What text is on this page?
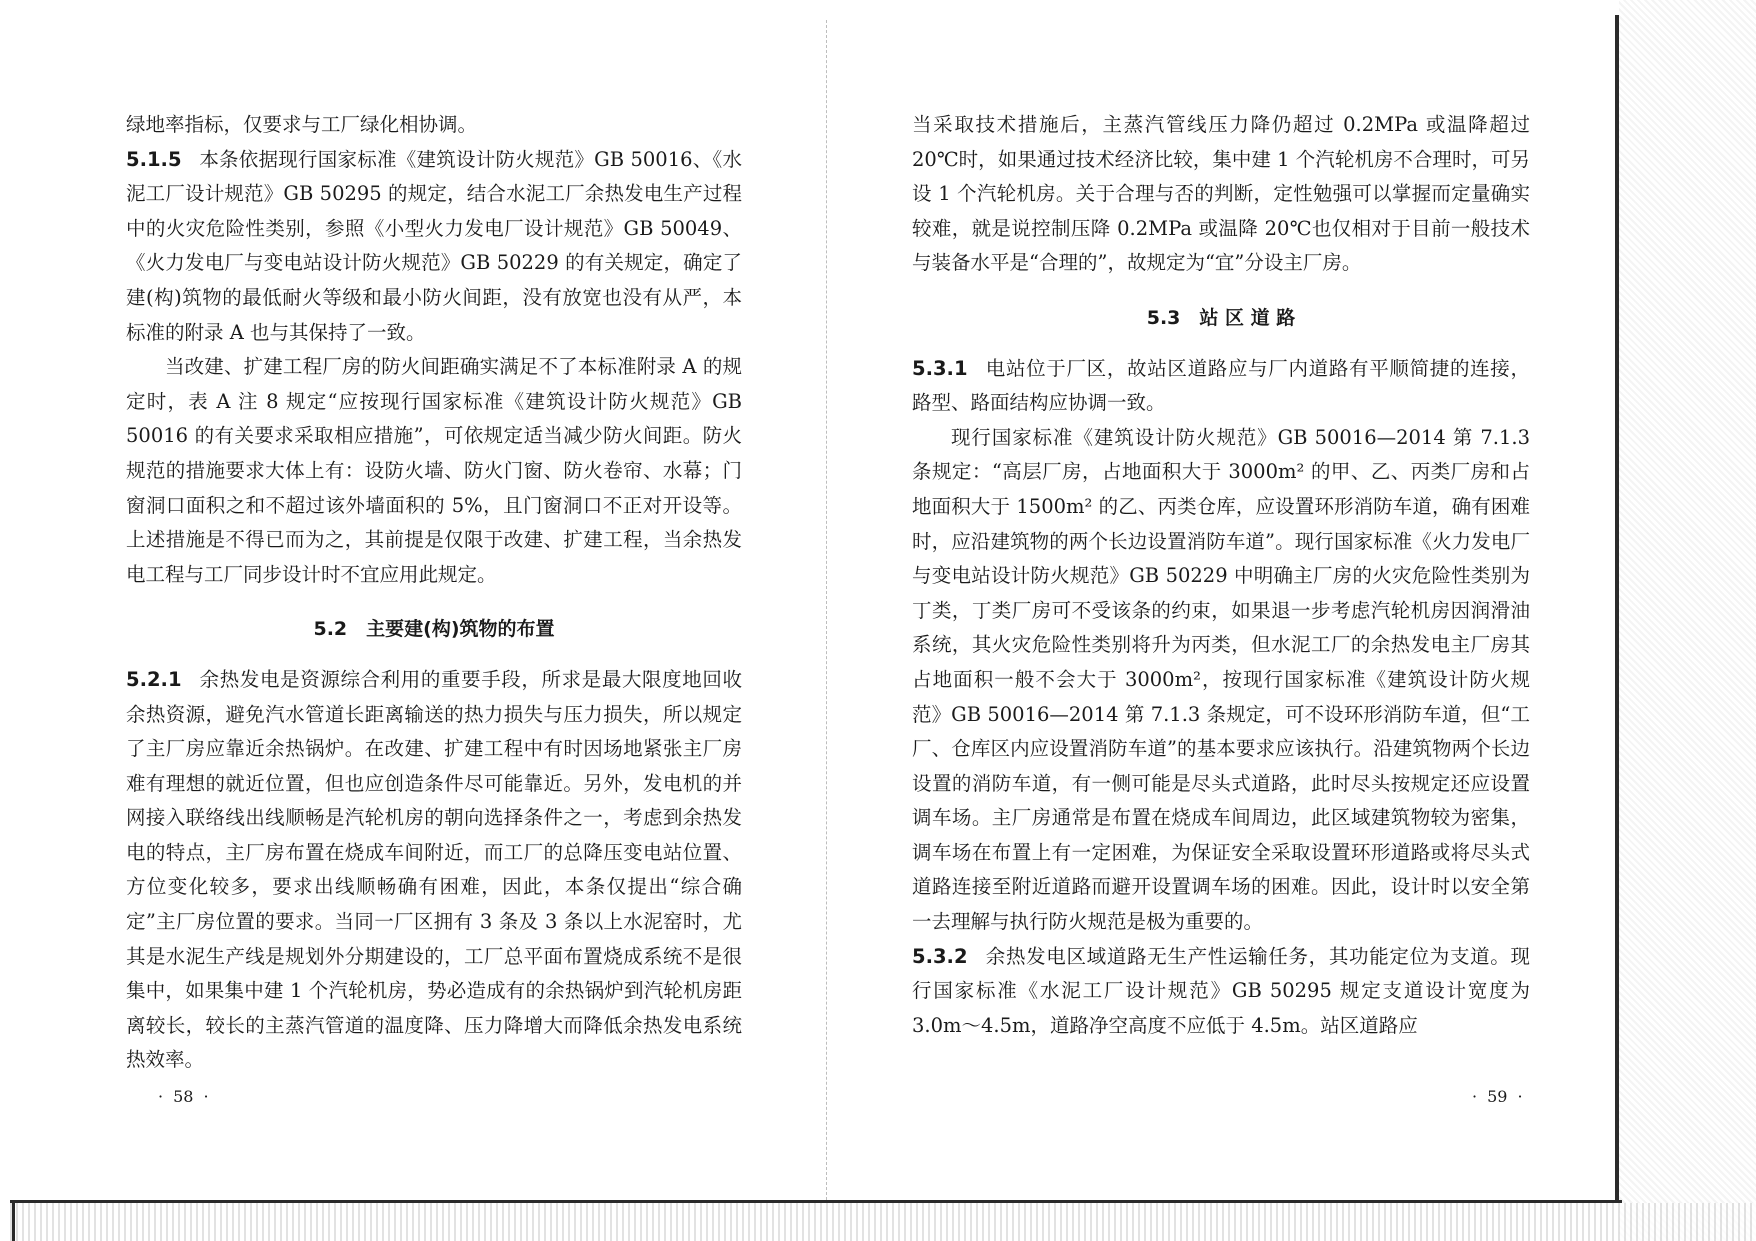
绿地率指标，仅要求与工厂绿化相协调。

5.1.5 本条依据现行国家标准《建筑设计防火规范》GB 50016、《水泥工厂设计规范》GB 50295 的规定，结合水泥工厂余热发电生产过程中的火灾危险性类别，参照《小型火力发电厂设计规范》GB 50049、《火力发电厂与变电站设计防火规范》GB 50229 的有关规定，确定了建(构)筑物的最低耐火等级和最小防火间距，没有放宽也没有从严，本标准的附录 A 也与其保持了一致。

当改建、扩建工程厂房的防火间距确实满足不了本标准附录 A 的规定时，表 A 注 8 规定“应按现行国家标准《建筑设计防火规范》GB 50016 的有关要求采取相应措施”，可依规定适当减少防火间距。防火规范的措施要求大体上有：设防火墙、防火门窗、防火卷帘、水幕；门窗洞口面积之和不超过该外墙面积的 5%，且门窗洞口不正对开设等。上述措施是不得已而为之，其前提是仅限于改建、扩建工程，当余热发电工程与工厂同步设计时不宜应用此规定。

5.2　主要建(构)筑物的布置

5.2.1 余热发电是资源综合利用的重要手段，所求是最大限度地回收余热资源，避免汽水管道长距离输送的热力损失与压力损失，所以规定了主厂房应靠近余热锅炉。在改建、扩建工程中有时因场地紧张主厂房难有理想的就近位置，但也应创造条件尽可能靠近。另外，发电机的并网接入联络线出线顺畅是汽轮机房的朝向选择条件之一，考虑到余热发电的特点，主厂房布置在烧成车间附近，而工厂的总降压变电站位置、方位变化较多，要求出线顺畅确有困难，因此，本条仅提出“综合确定”主厂房位置的要求。当同一厂区拥有 3 条及 3 条以上水泥窑时，尤其是水泥生产线是规划外分期建设的，工厂总平面布置烧成系统不是很集中，如果集中建 1 个汽轮机房，势必造成有的余热锅炉到汽轮机房距离较长，较长的主蒸汽管道的温度降、压力降增大而降低余热发电系统热效率。

· 58 ·

当采取技术措施后，主蒸汽管线压力降仍超过 0.2MPa 或温降超过 20℃时，如果通过技术经济比较，集中建 1 个汽轮机房不合理时，可另设 1 个汽轮机房。关于合理与否的判断，定性勉强可以掌握而定量确实较难，就是说控制压降 0.2MPa 或温降 20℃也仅相对于目前一般技术与装备水平是“合理的”，故规定为“宜”分设主厂房。

5.3　站 区 道 路

5.3.1 电站位于厂区，故站区道路应与厂内道路有平顺简捷的连接，路型、路面结构应协调一致。

现行国家标准《建筑设计防火规范》GB 50016—2014 第 7.1.3 条规定：“高层厂房，占地面积大于 3000m² 的甲、乙、丙类厂房和占地面积大于 1500m² 的乙、丙类仓库，应设置环形消防车道，确有困难时，应沿建筑物的两个长边设置消防车道”。现行国家标准《火力发电厂与变电站设计防火规范》GB 50229 中明确主厂房的火灾危险性类别为丁类，丁类厂房可不受该条的约束，如果退一步考虑汽轮机房因润滑油系统，其火灾危险性类别将升为丙类，但水泥工厂的余热发电主厂房其占地面积一般不会大于 3000m²，按现行国家标准《建筑设计防火规范》GB 50016—2014 第 7.1.3 条规定，可不设环形消防车道，但“工厂、仓库区内应设置消防车道”的基本要求应该执行。沿建筑物两个长边设置的消防车道，有一侧可能是尽头式道路，此时尽头按规定还应设置调车场。主厂房通常是布置在烧成车间周边，此区域建筑物较为密集，调车场在布置上有一定困难，为保证安全采取设置环形道路或将尽头式道路连接至附近道路而避开设置调车场的困难。因此，设计时以安全第一去理解与执行防火规范是极为重要的。

5.3.2 余热发电区域道路无生产性运输任务，其功能定位为支道。现行国家标准《水泥工厂设计规范》GB 50295 规定支道设计宽度为 3.0m～4.5m，道路净空高度不应低于 4.5m。站区道路应

· 59 ·
